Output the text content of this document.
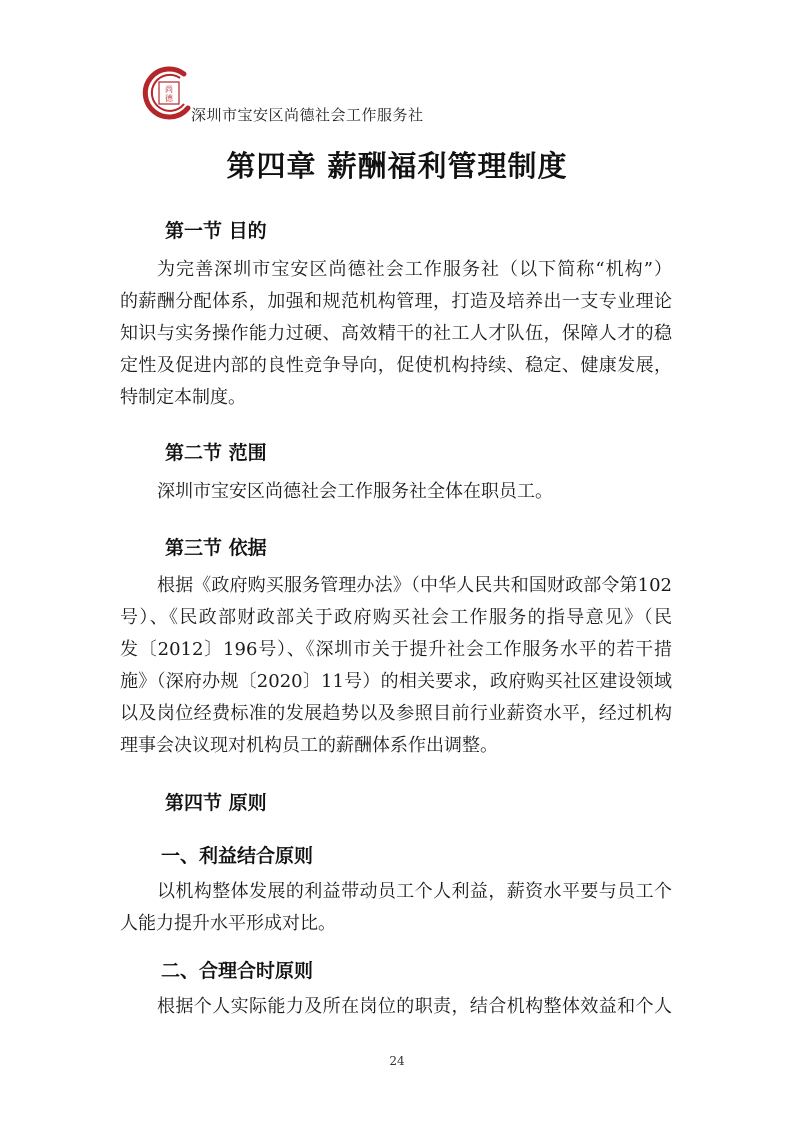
尚
德
深圳市宝安区尚德社会工作服务社
第四章 薪酬福利管理制度
第一节 目的
为完善深圳市宝安区尚德社会工作服务社（以下简称“机构”）
的薪酬分配体系，加强和规范机构管理，打造及培养出一支专业理论
知识与实务操作能力过硬、高效精干的社工人才队伍，保障人才的稳
定性及促进内部的良性竞争导向，促使机构持续、稳定、健康发展，
特制定本制度。
第二节 范围
深圳市宝安区尚德社会工作服务社全体在职员工。
第三节 依据
根据《政府购买服务管理办法》（中华人民共和国财政部令第102
号）、《民政部财政部关于政府购买社会工作服务的指导意见》（民
发〔2012〕196号）、《深圳市关于提升社会工作服务水平的若干措
施》（深府办规〔2020〕11号）的相关要求，政府购买社区建设领域
以及岗位经费标准的发展趋势以及参照目前行业薪资水平，经过机构
理事会决议现对机构员工的薪酬体系作出调整。
第四节 原则
一、利益结合原则
以机构整体发展的利益带动员工个人利益，薪资水平要与员工个
人能力提升水平形成对比。
二、合理合时原则
根据个人实际能力及所在岗位的职责，结合机构整体效益和个人
24
